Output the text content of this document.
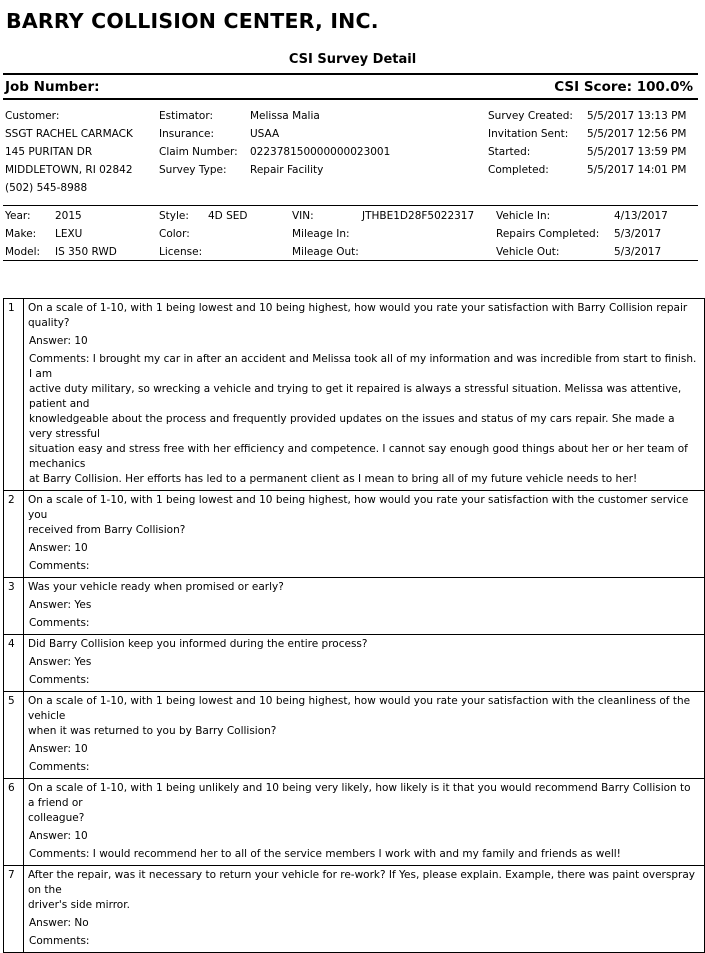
BARRY COLLISION CENTER, INC.
CSI Survey Detail
Job Number:	CSI Score: 100.0%
Customer:
SSGT RACHEL CARMACK
145 PURITAN DR
MIDDLETOWN, RI 02842
(502) 545-8988
Estimator:	Melissa Malia
Insurance:	USAA
Claim Number: 022378150000000023001
Survey Type: Repair Facility
Survey Created: 5/5/2017 13:13 PM
Invitation Sent: 5/5/2017 12:56 PM
Started:	5/5/2017 13:59 PM
Completed:	5/5/2017 14:01 PM
Year: 2015
Make: LEXU
Model: IS 350 RWD
Style: 4D SED
Color:
License:
VIN:	JTHBE1D28F5022317
Mileage In:
Mileage Out:
Vehicle In:	4/13/2017
Repairs Completed: 5/3/2017
Vehicle Out:	5/3/2017
1	On a scale of 1-10, with 1 being lowest and 10 being highest, how would you rate your satisfaction with Barry Collision repair quality?
Answer: 10
Comments: I brought my car in after an accident and Melissa took all of my information and was incredible from start to finish. I am
active duty military, so wrecking a vehicle and trying to get it repaired is always a stressful situation. Melissa was attentive, patient and
knowledgeable about the process and frequently provided updates on the issues and status of my cars repair. She made a very stressful
situation easy and stress free with her efficiency and competence. I cannot say enough good things about her or her team of mechanics
at Barry Collision. Her efforts has led to a permanent client as I mean to bring all of my future vehicle needs to her!
2	On a scale of 1-10, with 1 being lowest and 10 being highest, how would you rate your satisfaction with the customer service you
received from Barry Collision?
Answer: 10
Comments:
3	Was your vehicle ready when promised or early?
Answer: Yes
Comments:
4	Did Barry Collision keep you informed during the entire process?
Answer: Yes
Comments:
5	On a scale of 1-10, with 1 being lowest and 10 being highest, how would you rate your satisfaction with the cleanliness of the vehicle
when it was returned to you by Barry Collision?
Answer: 10
Comments:
6	On a scale of 1-10, with 1 being unlikely and 10 being very likely, how likely is it that you would recommend Barry Collision to a friend or
colleague?
Answer: 10
Comments: I would recommend her to all of the service members I work with and my family and friends as well!
7	After the repair, was it necessary to return your vehicle for re-work? If Yes, please explain. Example, there was paint overspray on the
driver's side mirror.
Answer: No
Comments:
